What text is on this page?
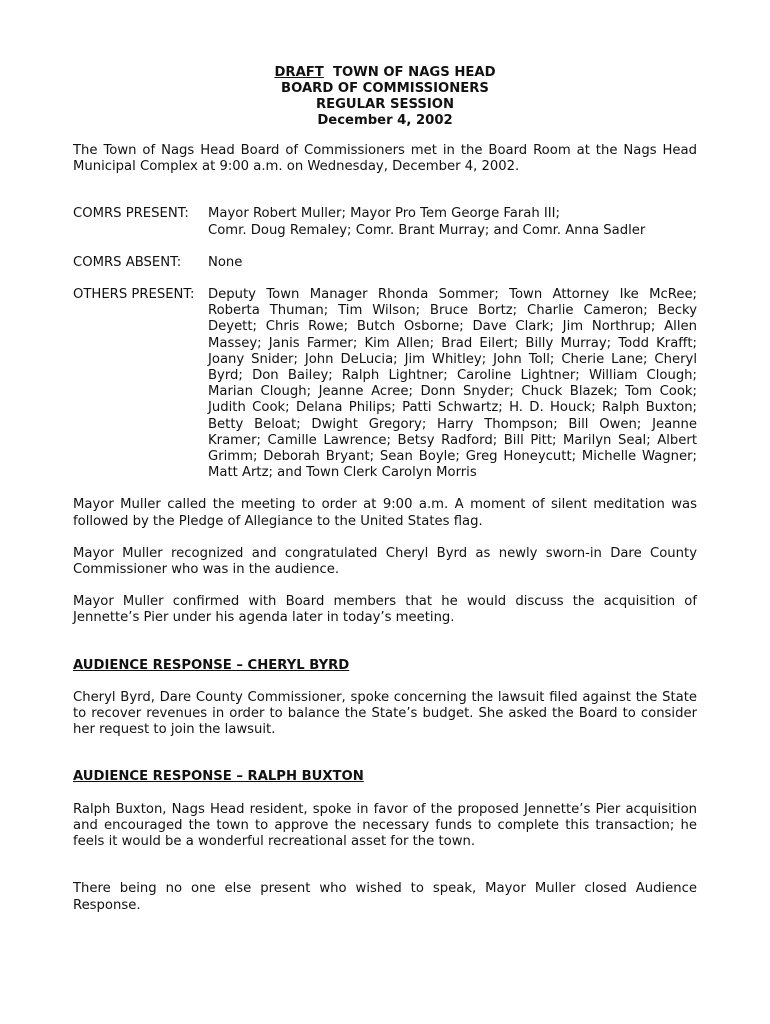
DRAFT TOWN OF NAGS HEAD
BOARD OF COMMISSIONERS
REGULAR SESSION
December 4, 2002

The Town of Nags Head Board of Commissioners met in the Board Room at the Nags Head Municipal Complex at 9:00 a.m. on Wednesday, December 4, 2002.

COMRS PRESENT:	Mayor Robert Muller; Mayor Pro Tem George Farah III;
Comr. Doug Remaley; Comr. Brant Murray; and Comr. Anna Sadler
COMRS ABSENT:	None
OTHERS PRESENT:	Deputy Town Manager Rhonda Sommer; Town Attorney Ike McRee; Roberta Thuman; Tim Wilson; Bruce Bortz; Charlie Cameron; Becky Deyett; Chris Rowe; Butch Osborne; Dave Clark; Jim Northrup; Allen Massey; Janis Farmer; Kim Allen; Brad Eilert; Billy Murray; Todd Krafft; Joany Snider; John DeLucia; Jim Whitley; John Toll; Cherie Lane; Cheryl Byrd; Don Bailey; Ralph Lightner; Caroline Lightner; William Clough; Marian Clough; Jeanne Acree; Donn Snyder; Chuck Blazek; Tom Cook; Judith Cook; Delana Philips; Patti Schwartz; H. D. Houck; Ralph Buxton; Betty Beloat; Dwight Gregory; Harry Thompson; Bill Owen; Jeanne Kramer; Camille Lawrence; Betsy Radford; Bill Pitt; Marilyn Seal; Albert Grimm; Deborah Bryant; Sean Boyle; Greg Honeycutt; Michelle Wagner; Matt Artz; and Town Clerk Carolyn Morris

Mayor Muller called the meeting to order at 9:00 a.m. A moment of silent meditation was followed by the Pledge of Allegiance to the United States flag.

Mayor Muller recognized and congratulated Cheryl Byrd as newly sworn-in Dare County Commissioner who was in the audience.

Mayor Muller confirmed with Board members that he would discuss the acquisition of Jennette’s Pier under his agenda later in today’s meeting.

AUDIENCE RESPONSE – CHERYL BYRD

Cheryl Byrd, Dare County Commissioner, spoke concerning the lawsuit filed against the State to recover revenues in order to balance the State’s budget. She asked the Board to consider her request to join the lawsuit.

AUDIENCE RESPONSE – RALPH BUXTON

Ralph Buxton, Nags Head resident, spoke in favor of the proposed Jennette’s Pier acquisition and encouraged the town to approve the necessary funds to complete this transaction; he feels it would be a wonderful recreational asset for the town.

There being no one else present who wished to speak, Mayor Muller closed Audience Response.
